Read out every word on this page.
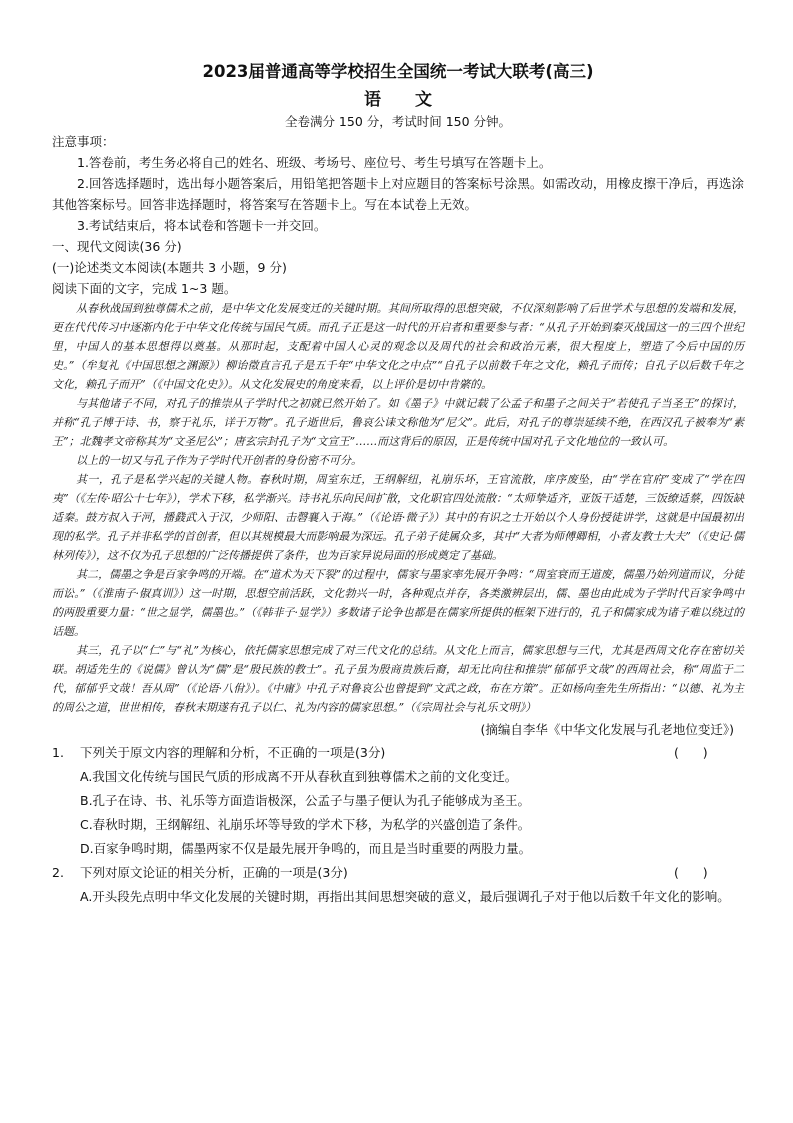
2023届普通高等学校招生全国统一考试大联考(高三)
语 文

全卷满分 150 分，考试时间 150 分钟。

注意事项：

1.答卷前，考生务必将自己的姓名、班级、考场号、座位号、考生号填写在答题卡上。

2.回答选择题时，选出每小题答案后，用铅笔把答题卡上对应题目的答案标号涂黑。如需改动，用橡皮擦干净后，再选涂其他答案标号。回答非选择题时，将答案写在答题卡上。写在本试卷上无效。

3.考试结束后，将本试卷和答题卡一并交回。

一、现代文阅读(36 分)

(一)论述类文本阅读(本题共 3 小题，9 分)

阅读下面的文字，完成 1~3 题。

从春秋战国到独尊儒术之前，是中华文化发展变迁的关键时期。其间所取得的思想突破，不仅深刻影响了后世学术与思想的发端和发展，更在代代传习中逐渐内化于中华文化传统与国民气质。而孔子正是这一时代的开启者和重要参与者：“从孔子开始到秦灭战国这一的三四个世纪里，中国人的基本思想得以奠基。从那时起，支配着中国人心灵的观念以及周代的社会和政治元素，很大程度上，塑造了今后中国的历史。”（牟复礼《中国思想之渊源》）柳诒徵直言孔子是五千年“中华文化之中点”“自孔子以前数千年之文化，赖孔子而传；自孔子以后数千年之文化，赖孔子而开”（《中国文化史》）。从文化发展史的角度来看，以上评价是切中肯綮的。

与其他诸子不同，对孔子的推崇从子学时代之初就已然开始了。如《墨子》中就记载了公孟子和墨子之间关于“若使孔子当圣王”的探讨，并称“孔子博于诗、书，察于礼乐，详于万物”。孔子逝世后，鲁哀公诔文称他为“尼父”。此后，对孔子的尊崇延续不绝，在西汉孔子被奉为“素王”；北魏孝文帝称其为“文圣尼公”；唐玄宗封孔子为“文宣王”……而这背后的原因，正是传统中国对孔子文化地位的一致认可。

以上的一切又与孔子作为子学时代开创者的身份密不可分。

其一，孔子是私学兴起的关键人物。春秋时期，周室东迁，王纲解纽，礼崩乐坏，王官流散，庠序废坠，由“学在官府”变成了“学在四夷”（《左传·昭公十七年》），学术下移，私学渐兴。诗书礼乐向民间扩散，文化职官四处流散：“太师挚适齐，亚饭干适楚，三饭缭适蔡，四饭缺适秦。鼓方叔入于河，播鼗武入于汉，少师阳、击磬襄入于海。”（《论语·微子》）其中的有识之士开始以个人身份授徒讲学，这就是中国最初出现的私学。孔子并非私学的首创者，但以其规模最大而影响最为深远。孔子弟子徒属众多，其中“大者为师傅卿相，小者友教士大夫”（《史记·儒林列传》），这不仅为孔子思想的广泛传播提供了条件，也为百家异说局面的形成奠定了基础。

其二，儒墨之争是百家争鸣的开端。在“道术为天下裂”的过程中，儒家与墨家率先展开争鸣：“周室衰而王道废，儒墨乃始列道而议，分徒而讼。”（《淮南子·俶真训》）这一时期，思想空前活跃，文化勃兴一时，各种观点并存，各类激辨层出，儒、墨也由此成为子学时代百家争鸣中的两股重要力量：“世之显学，儒墨也。”（《韩非子·显学》）多数诸子论争也都是在儒家所提供的框架下进行的，孔子和儒家成为诸子难以绕过的话题。

其三，孔子以“仁”与“礼”为核心，依托儒家思想完成了对三代文化的总结。从文化上而言，儒家思想与三代，尤其是西周文化存在密切关联。胡适先生的《说儒》曾认为“儒”是“殷民族的教士”。孔子虽为殷商贵族后裔，却无比向往和推崇“郁郁乎文哉”的西周社会，称“周监于二代，郁郁乎文哉！吾从周”（《论语·八佾》）。《中庸》中孔子对鲁哀公也曾提到“文武之政，布在方策”。正如杨向奎先生所指出：“以德、礼为主的周公之道，世世相传，春秋末期遂有孔子以仁、礼为内容的儒家思想。”（《宗周社会与礼乐文明》）

(摘编自李华《中华文化发展与孔老地位变迁》)

1.	下列关于原文内容的理解和分析，不正确的一项是(3分)	(      )

A.我国文化传统与国民气质的形成离不开从春秋直到独尊儒术之前的文化变迁。

B.孔子在诗、书、礼乐等方面造诣极深，公孟子与墨子便认为孔子能够成为圣王。

C.春秋时期，王纲解纽、礼崩乐坏等导致的学术下移，为私学的兴盛创造了条件。

D.百家争鸣时期，儒墨两家不仅是最先展开争鸣的，而且是当时重要的两股力量。

2.	下列对原文论证的相关分析，正确的一项是(3分)	(      )

A.开头段先点明中华文化发展的关键时期，再指出其间思想突破的意义，最后强调孔子对于他以后数千年文化的影响。
